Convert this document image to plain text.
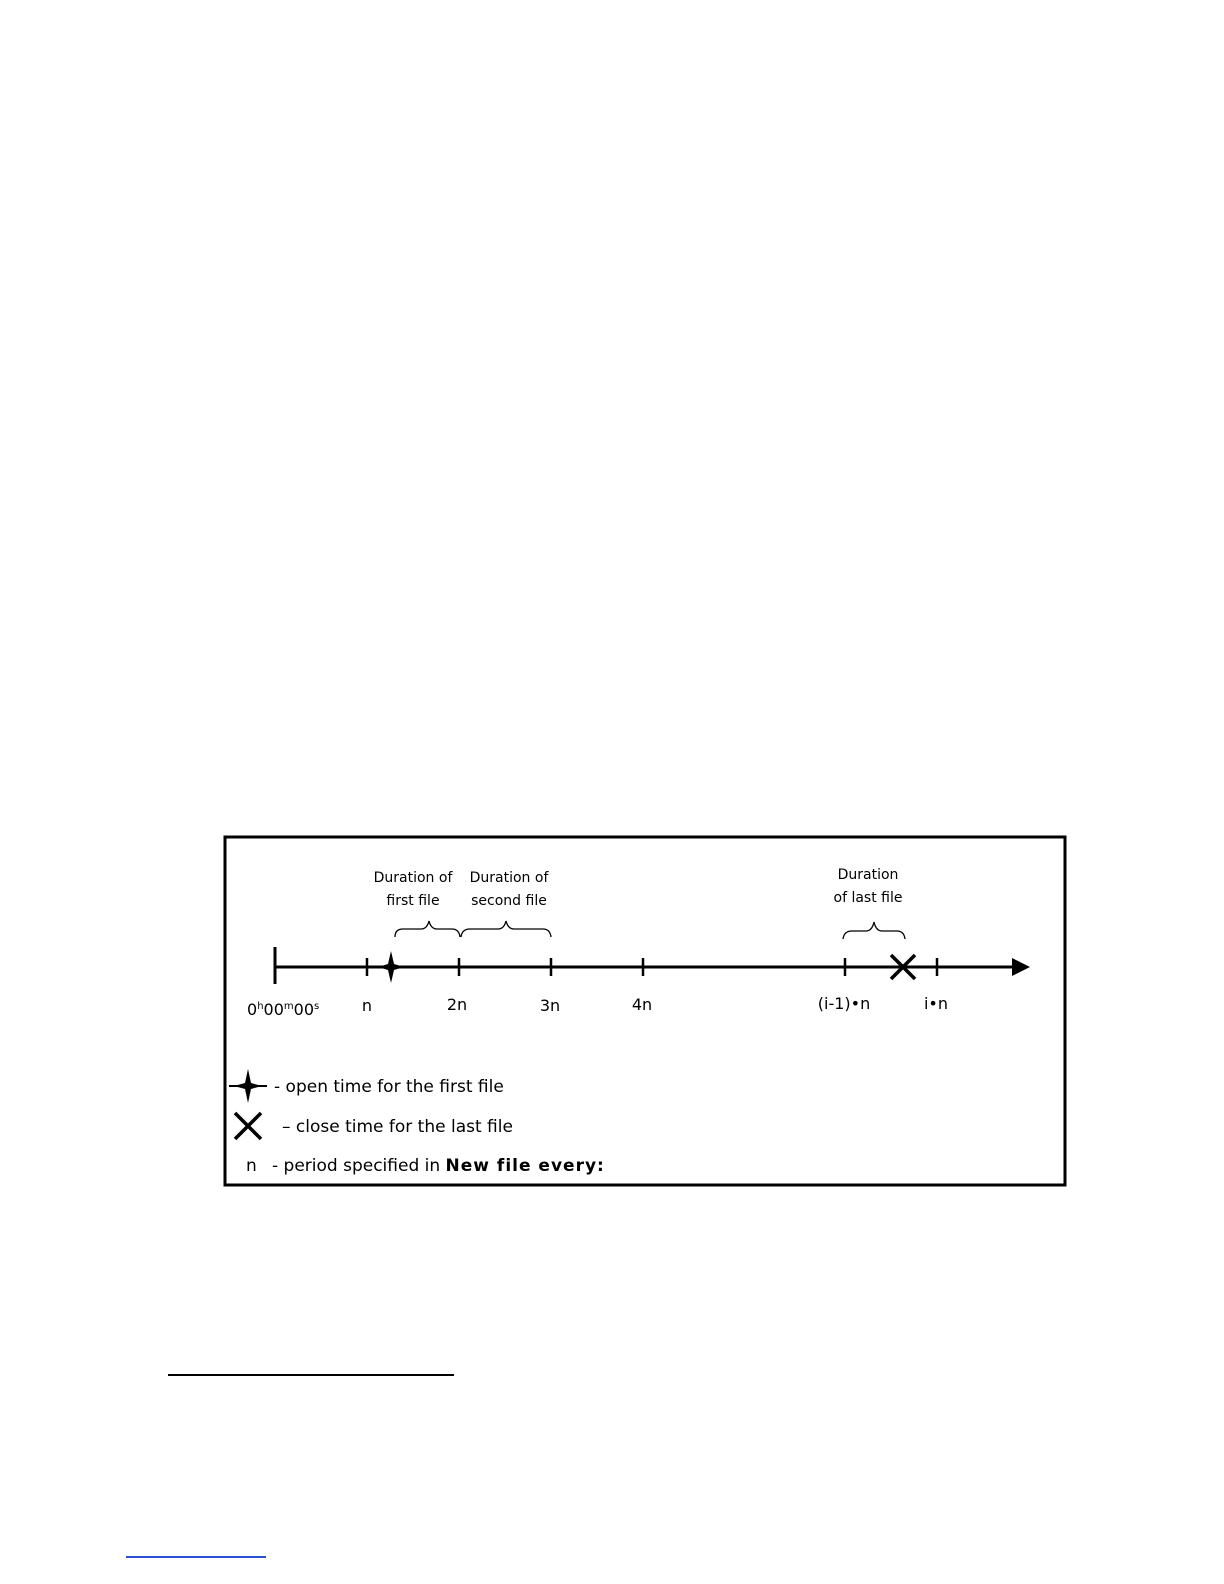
Duration of
first file
Duration of
second file
Duration
of last file
0$^h$00$^m$00$^s$	n	2n	3n	4n	(i-1)•n	i•n
- open time for the first file
– close time for the last file
n - period specified in New file every:
